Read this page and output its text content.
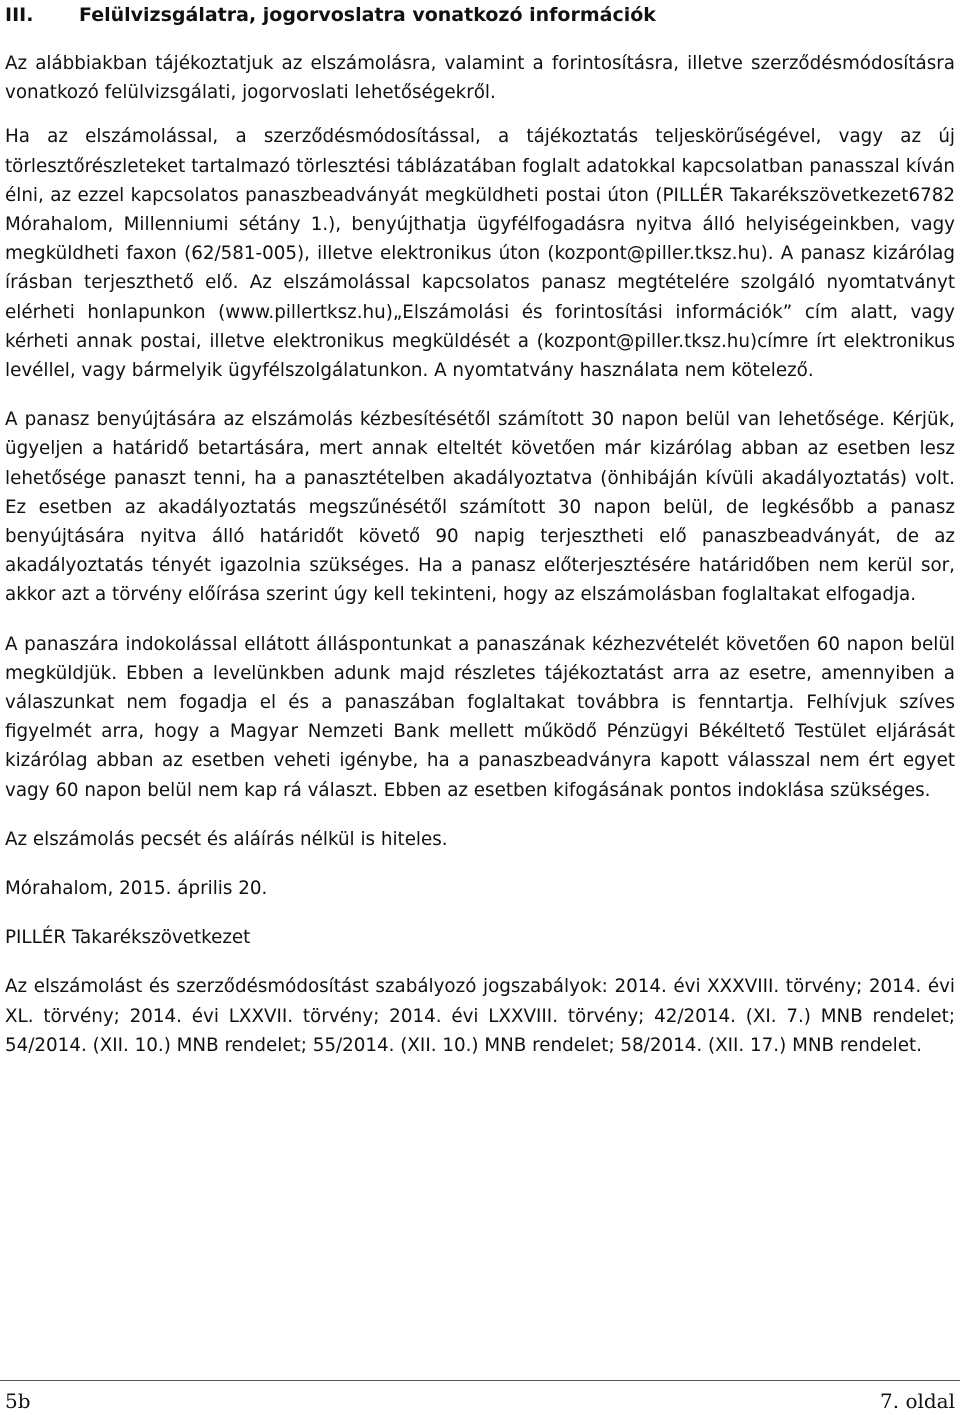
III. Felülvizsgálatra, jogorvoslatra vonatkozó információk

Az alábbiakban tájékoztatjuk az elszámolásra, valamint a forintosításra, illetve szerződésmódosításra vonatkozó felülvizsgálati, jogorvoslati lehetőségekről.

Ha az elszámolással, a szerződésmódosítással, a tájékoztatás teljeskörűségével, vagy az új törlesztőrészleteket tartalmazó törlesztési táblázatában foglalt adatokkal kapcsolatban panasszal kíván élni, az ezzel kapcsolatos panaszbeadványát megküldheti postai úton (PILLÉR Takarékszövetkezet6782 Mórahalom, Millenniumi sétány 1.), benyújthatja ügyfélfogadásra nyitva álló helyiségeinkben, vagy megküldheti faxon (62/581-005), illetve elektronikus úton (kozpont@piller.tksz.hu). A panasz kizárólag írásban terjeszthető elő. Az elszámolással kapcsolatos panasz megtételére szolgáló nyomtatványt elérheti honlapunkon (www.pillertksz.hu)„Elszámolási és forintosítási információk” cím alatt, vagy kérheti annak postai, illetve elektronikus megküldését a (kozpont@piller.tksz.hu)címre írt elektronikus levéllel, vagy bármelyik ügyfélszolgálatunkon. A nyomtatvány használata nem kötelező.

A panasz benyújtására az elszámolás kézbesítésétől számított 30 napon belül van lehetősége. Kérjük, ügyeljen a határidő betartására, mert annak elteltét követően már kizárólag abban az esetben lesz lehetősége panaszt tenni, ha a panasztételben akadályoztatva (önhibáján kívüli akadályoztatás) volt. Ez esetben az akadályoztatás megszűnésétől számított 30 napon belül, de legkésőbb a panasz benyújtására nyitva álló határidőt követő 90 napig terjesztheti elő panaszbeadványát, de az akadályoztatás tényét igazolnia szükséges. Ha a panasz előterjesztésére határidőben nem kerül sor, akkor azt a törvény előírása szerint úgy kell tekinteni, hogy az elszámolásban foglaltakat elfogadja.

A panaszára indokolással ellátott álláspontunkat a panaszának kézhezvételét követően 60 napon belül megküldjük. Ebben a levelünkben adunk majd részletes tájékoztatást arra az esetre, amennyiben a válaszunkat nem fogadja el és a panaszában foglaltakat továbbra is fenntartja. Felhívjuk szíves figyelmét arra, hogy a Magyar Nemzeti Bank mellett működő Pénzügyi Békéltető Testület eljárását kizárólag abban az esetben veheti igénybe, ha a panaszbeadványra kapott válasszal nem ért egyet vagy 60 napon belül nem kap rá választ. Ebben az esetben kifogásának pontos indoklása szükséges.

Az elszámolás pecsét és aláírás nélkül is hiteles.

Mórahalom, 2015. április 20.

PILLÉR Takarékszövetkezet

Az elszámolást és szerződésmódosítást szabályozó jogszabályok: 2014. évi XXXVIII. törvény; 2014. évi XL. törvény; 2014. évi LXXVII. törvény; 2014. évi LXXVIII. törvény; 42/2014. (XI. 7.) MNB rendelet; 54/2014. (XII. 10.) MNB rendelet; 55/2014. (XII. 10.) MNB rendelet; 58/2014. (XII. 17.) MNB rendelet.

5b	7. oldal
